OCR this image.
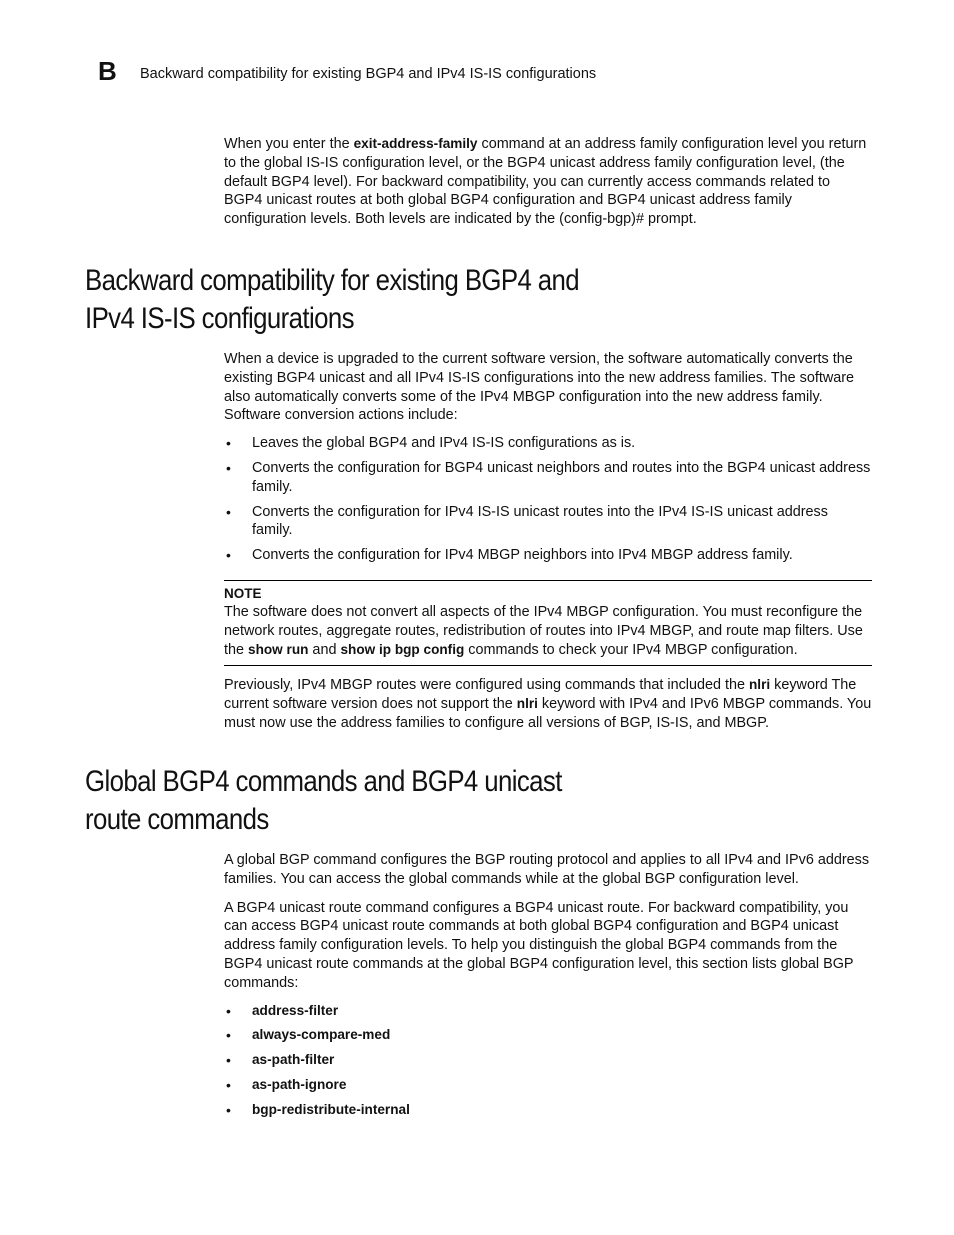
B Backward compatibility for existing BGP4 and IPv4 IS-IS configurations

When you enter the exit-address-family command at an address family configuration level you return to the global IS-IS configuration level, or the BGP4 unicast address family configuration level, (the default BGP4 level). For backward compatibility, you can currently access commands related to BGP4 unicast routes at both global BGP4 configuration and BGP4 unicast address family configuration levels. Both levels are indicated by the (config-bgp)# prompt.

Backward compatibility for existing BGP4 and
IPv4 IS-IS configurations

When a device is upgraded to the current software version, the software automatically converts the existing BGP4 unicast and all IPv4 IS-IS configurations into the new address families. The software also automatically converts some of the IPv4 MBGP configuration into the new address family. Software conversion actions include:

• Leaves the global BGP4 and IPv4 IS-IS configurations as is.
• Converts the configuration for BGP4 unicast neighbors and routes into the BGP4 unicast address family.
• Converts the configuration for IPv4 IS-IS unicast routes into the IPv4 IS-IS unicast address family.
• Converts the configuration for IPv4 MBGP neighbors into IPv4 MBGP address family.
NOTE

The software does not convert all aspects of the IPv4 MBGP configuration. You must reconfigure the network routes, aggregate routes, redistribution of routes into IPv4 MBGP, and route map filters. Use the show run and show ip bgp config commands to check your IPv4 MBGP configuration.

Previously, IPv4 MBGP routes were configured using commands that included the nlri keyword The current software version does not support the nlri keyword with IPv4 and IPv6 MBGP commands. You must now use the address families to configure all versions of BGP, IS-IS, and MBGP.

Global BGP4 commands and BGP4 unicast
route commands

A global BGP command configures the BGP routing protocol and applies to all IPv4 and IPv6 address families. You can access the global commands while at the global BGP configuration level.

A BGP4 unicast route command configures a BGP4 unicast route. For backward compatibility, you can access BGP4 unicast route commands at both global BGP4 configuration and BGP4 unicast address family configuration levels. To help you distinguish the global BGP4 commands from the BGP4 unicast route commands at the global BGP4 configuration level, this section lists global BGP commands:

• address-filter
• always-compare-med
• as-path-filter
• as-path-ignore
• bgp-redistribute-internal
